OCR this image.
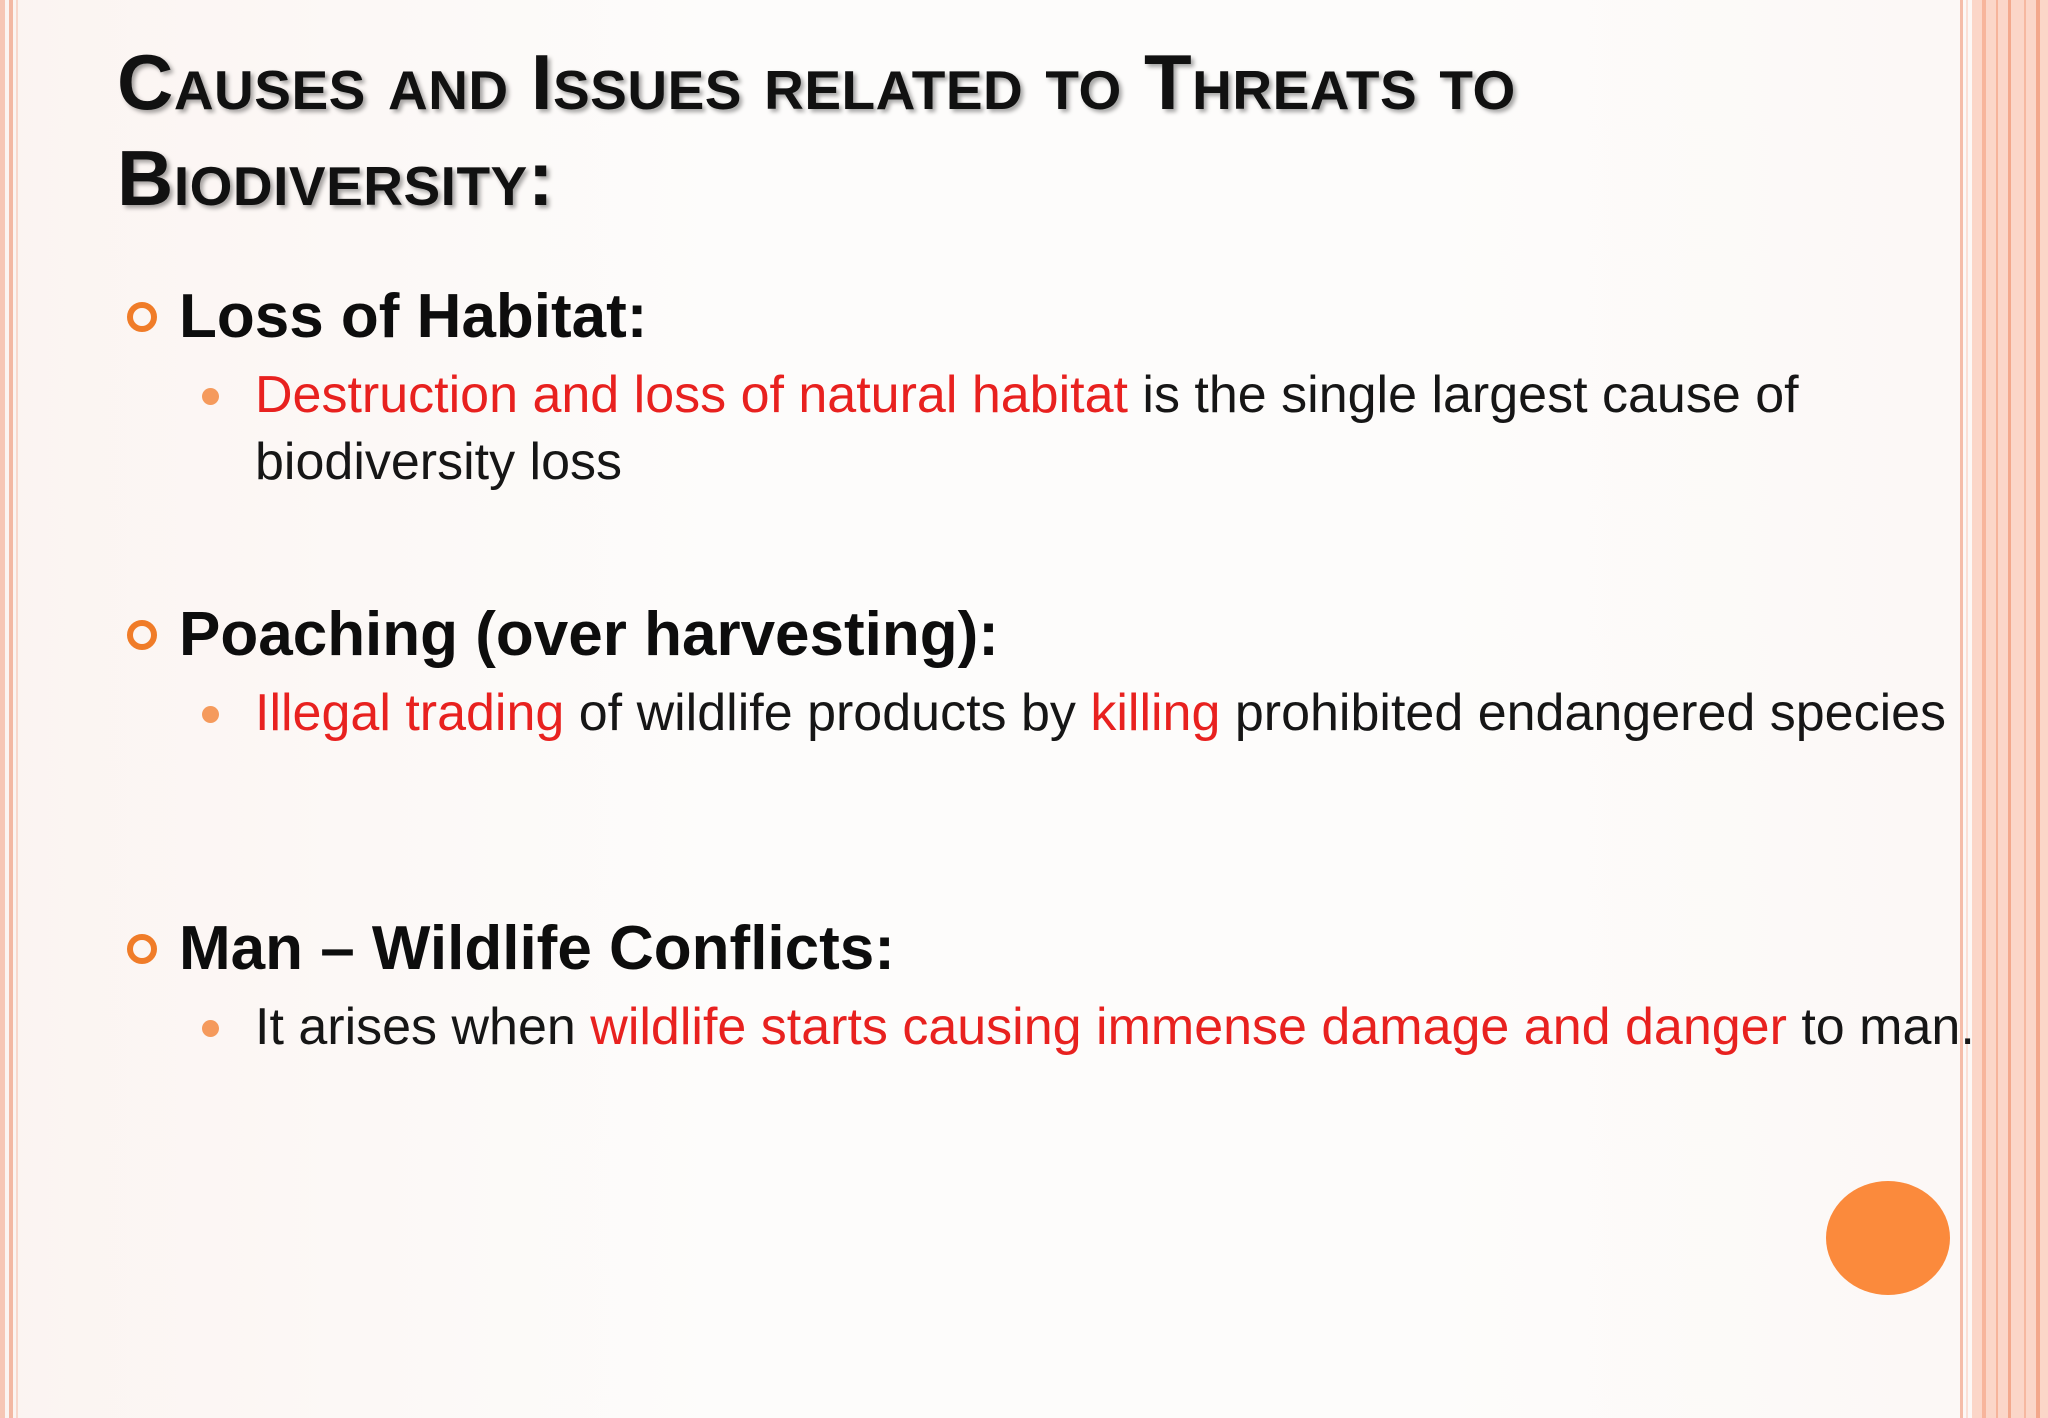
Causes and Issues related to Threats to Biodiversity:
Loss of Habitat:
Destruction and loss of natural habitat is the single largest cause of biodiversity loss
Poaching (over harvesting):
Illegal trading of wildlife products by killing prohibited endangered species
Man – Wildlife Conflicts:
It arises when wildlife starts causing immense damage and danger to man.
